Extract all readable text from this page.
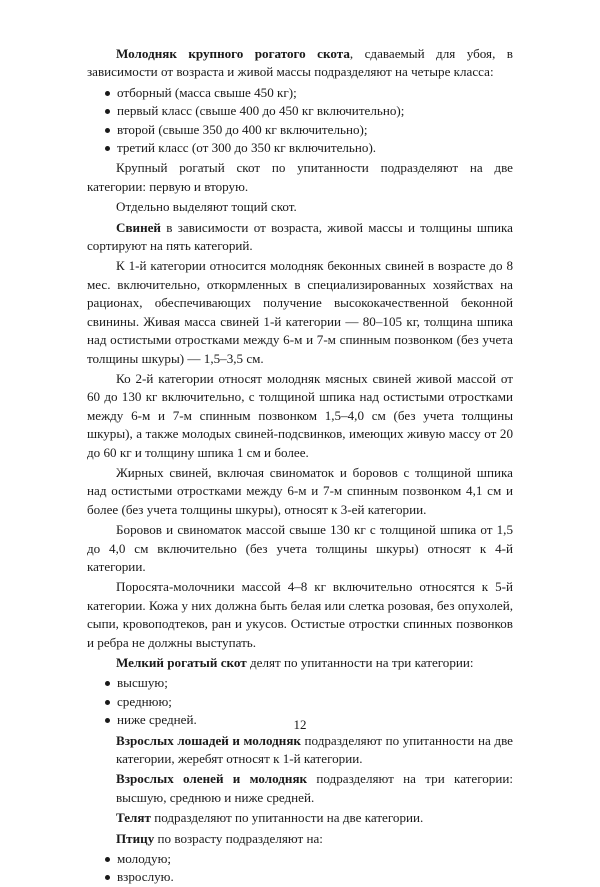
Молодняк крупного рогатого скота, сдаваемый для убоя, в зависимости от возраста и живой массы подразделяют на четыре класса:

отборный (масса свыше 450 кг);
первый класс (свыше 400 до 450 кг включительно);
второй (свыше 350 до 400 кг включительно);
третий класс (от 300 до 350 кг включительно).

Крупный рогатый скот по упитанности подразделяют на две категории: первую и вторую.

Отдельно выделяют тощий скот.

Свиней в зависимости от возраста, живой массы и толщины шпика сортируют на пять категорий.

К 1-й категории относится молодняк беконных свиней в возрасте до 8 мес. включительно, откормленных в специализированных хозяйствах на рационах, обеспечивающих получение высококачественной беконной свинины. Живая масса свиней 1-й категории — 80–105 кг, толщина шпика над остистыми отростками между 6-м и 7-м спинным позвонком (без учета толщины шкуры) — 1,5–3,5 см.

Ко 2-й категории относят молодняк мясных свиней живой массой от 60 до 130 кг включительно, с толщиной шпика над остистыми отростками между 6-м и 7-м спинным позвонком 1,5–4,0 см (без учета толщины шкуры), а также молодых свиней-подсвинков, имеющих живую массу от 20 до 60 кг и толщину шпика 1 см и более.

Жирных свиней, включая свиноматок и боровов с толщиной шпика над остистыми отростками между 6-м и 7-м спинным позвонком 4,1 см и более (без учета толщины шкуры), относят к 3-ей категории.

Боровов и свиноматок массой свыше 130 кг с толщиной шпика от 1,5 до 4,0 см включительно (без учета толщины шкуры) относят к 4-й категории.

Поросята-молочники массой 4–8 кг включительно относятся к 5-й категории. Кожа у них должна быть белая или слетка розовая, без опухолей, сыпи, кровоподтеков, ран и укусов. Остистые отростки спинных позвонков и ребра не должны выступать.

Мелкий рогатый скот делят по упитанности на три категории:

высшую;
среднюю;
ниже средней.

Взрослых лошадей и молодняк подразделяют по упитанности на две категории, жеребят относят к 1-й категории.

Взрослых оленей и молодняк подразделяют на три категории: высшую, среднюю и ниже средней.

Телят подразделяют по упитанности на две категории.

Птицу по возрасту подразделяют на:

молодую;
взрослую.
12
